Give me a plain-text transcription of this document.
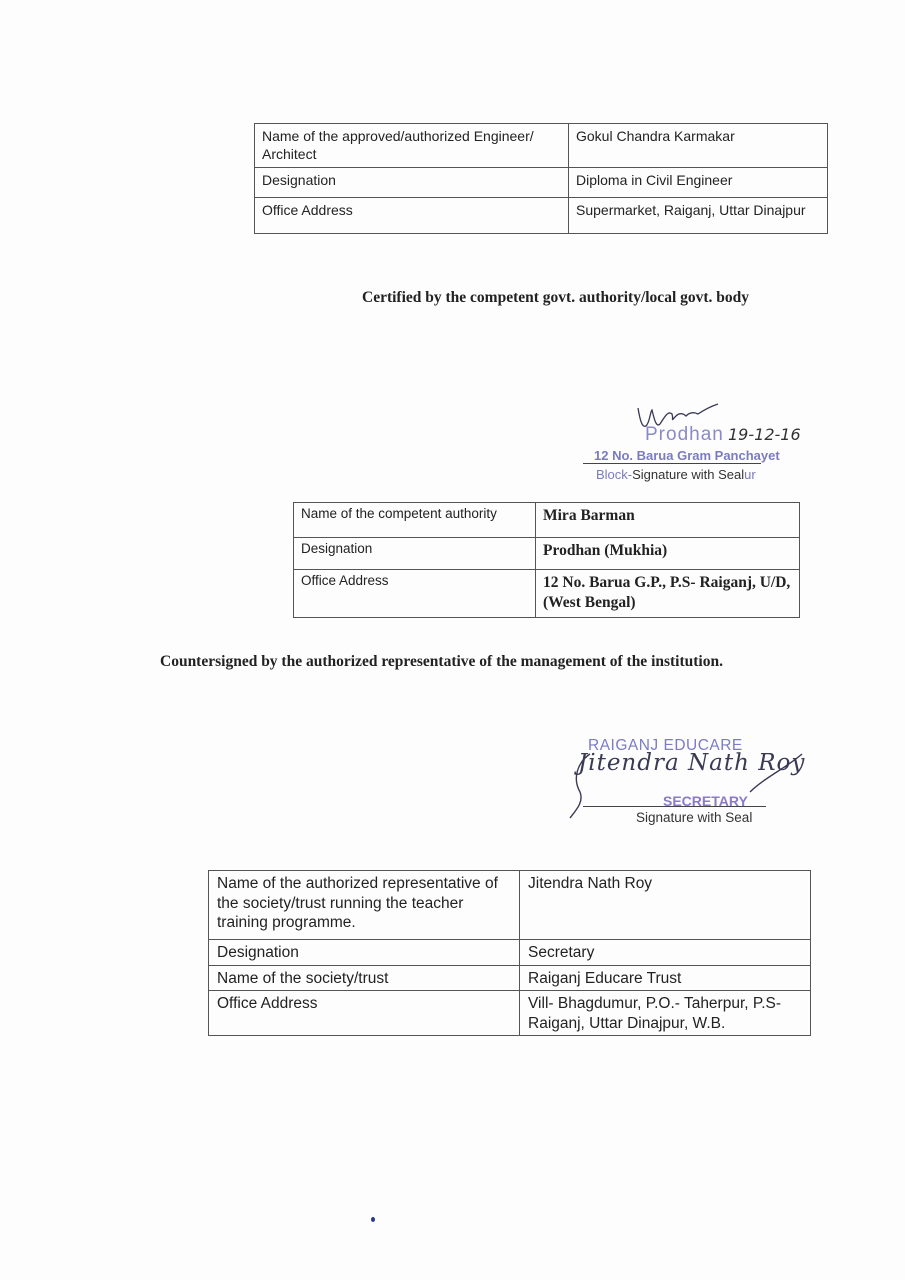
Name of the approved/authorized Engineer/ Architect	Gokul Chandra Karmakar
Designation	Diploma in Civil Engineer
Office Address	Supermarket, Raiganj, Uttar Dinajpur
Certified by the competent govt. authority/local govt. body
Prodhan 19-12-16
12 No. Barua Gram Panchayet
Block-Signature with Sealur
Name of the competent authority	Mira Barman
Designation	Prodhan (Mukhia)
Office Address	12 No. Barua G.P., P.S- Raiganj, U/D, (West Bengal)
Countersigned by the authorized representative of the management of the institution.
RAIGANJ EDUCARE
Jitendra Nath Roy
SECRETARY
Signature with Seal
Name of the authorized representative of the society/trust running the teacher training programme.	Jitendra Nath Roy
Designation	Secretary
Name of the society/trust	Raiganj Educare Trust
Office Address	Vill- Bhagdumur, P.O.- Taherpur, P.S- Raiganj, Uttar Dinajpur, W.B.
